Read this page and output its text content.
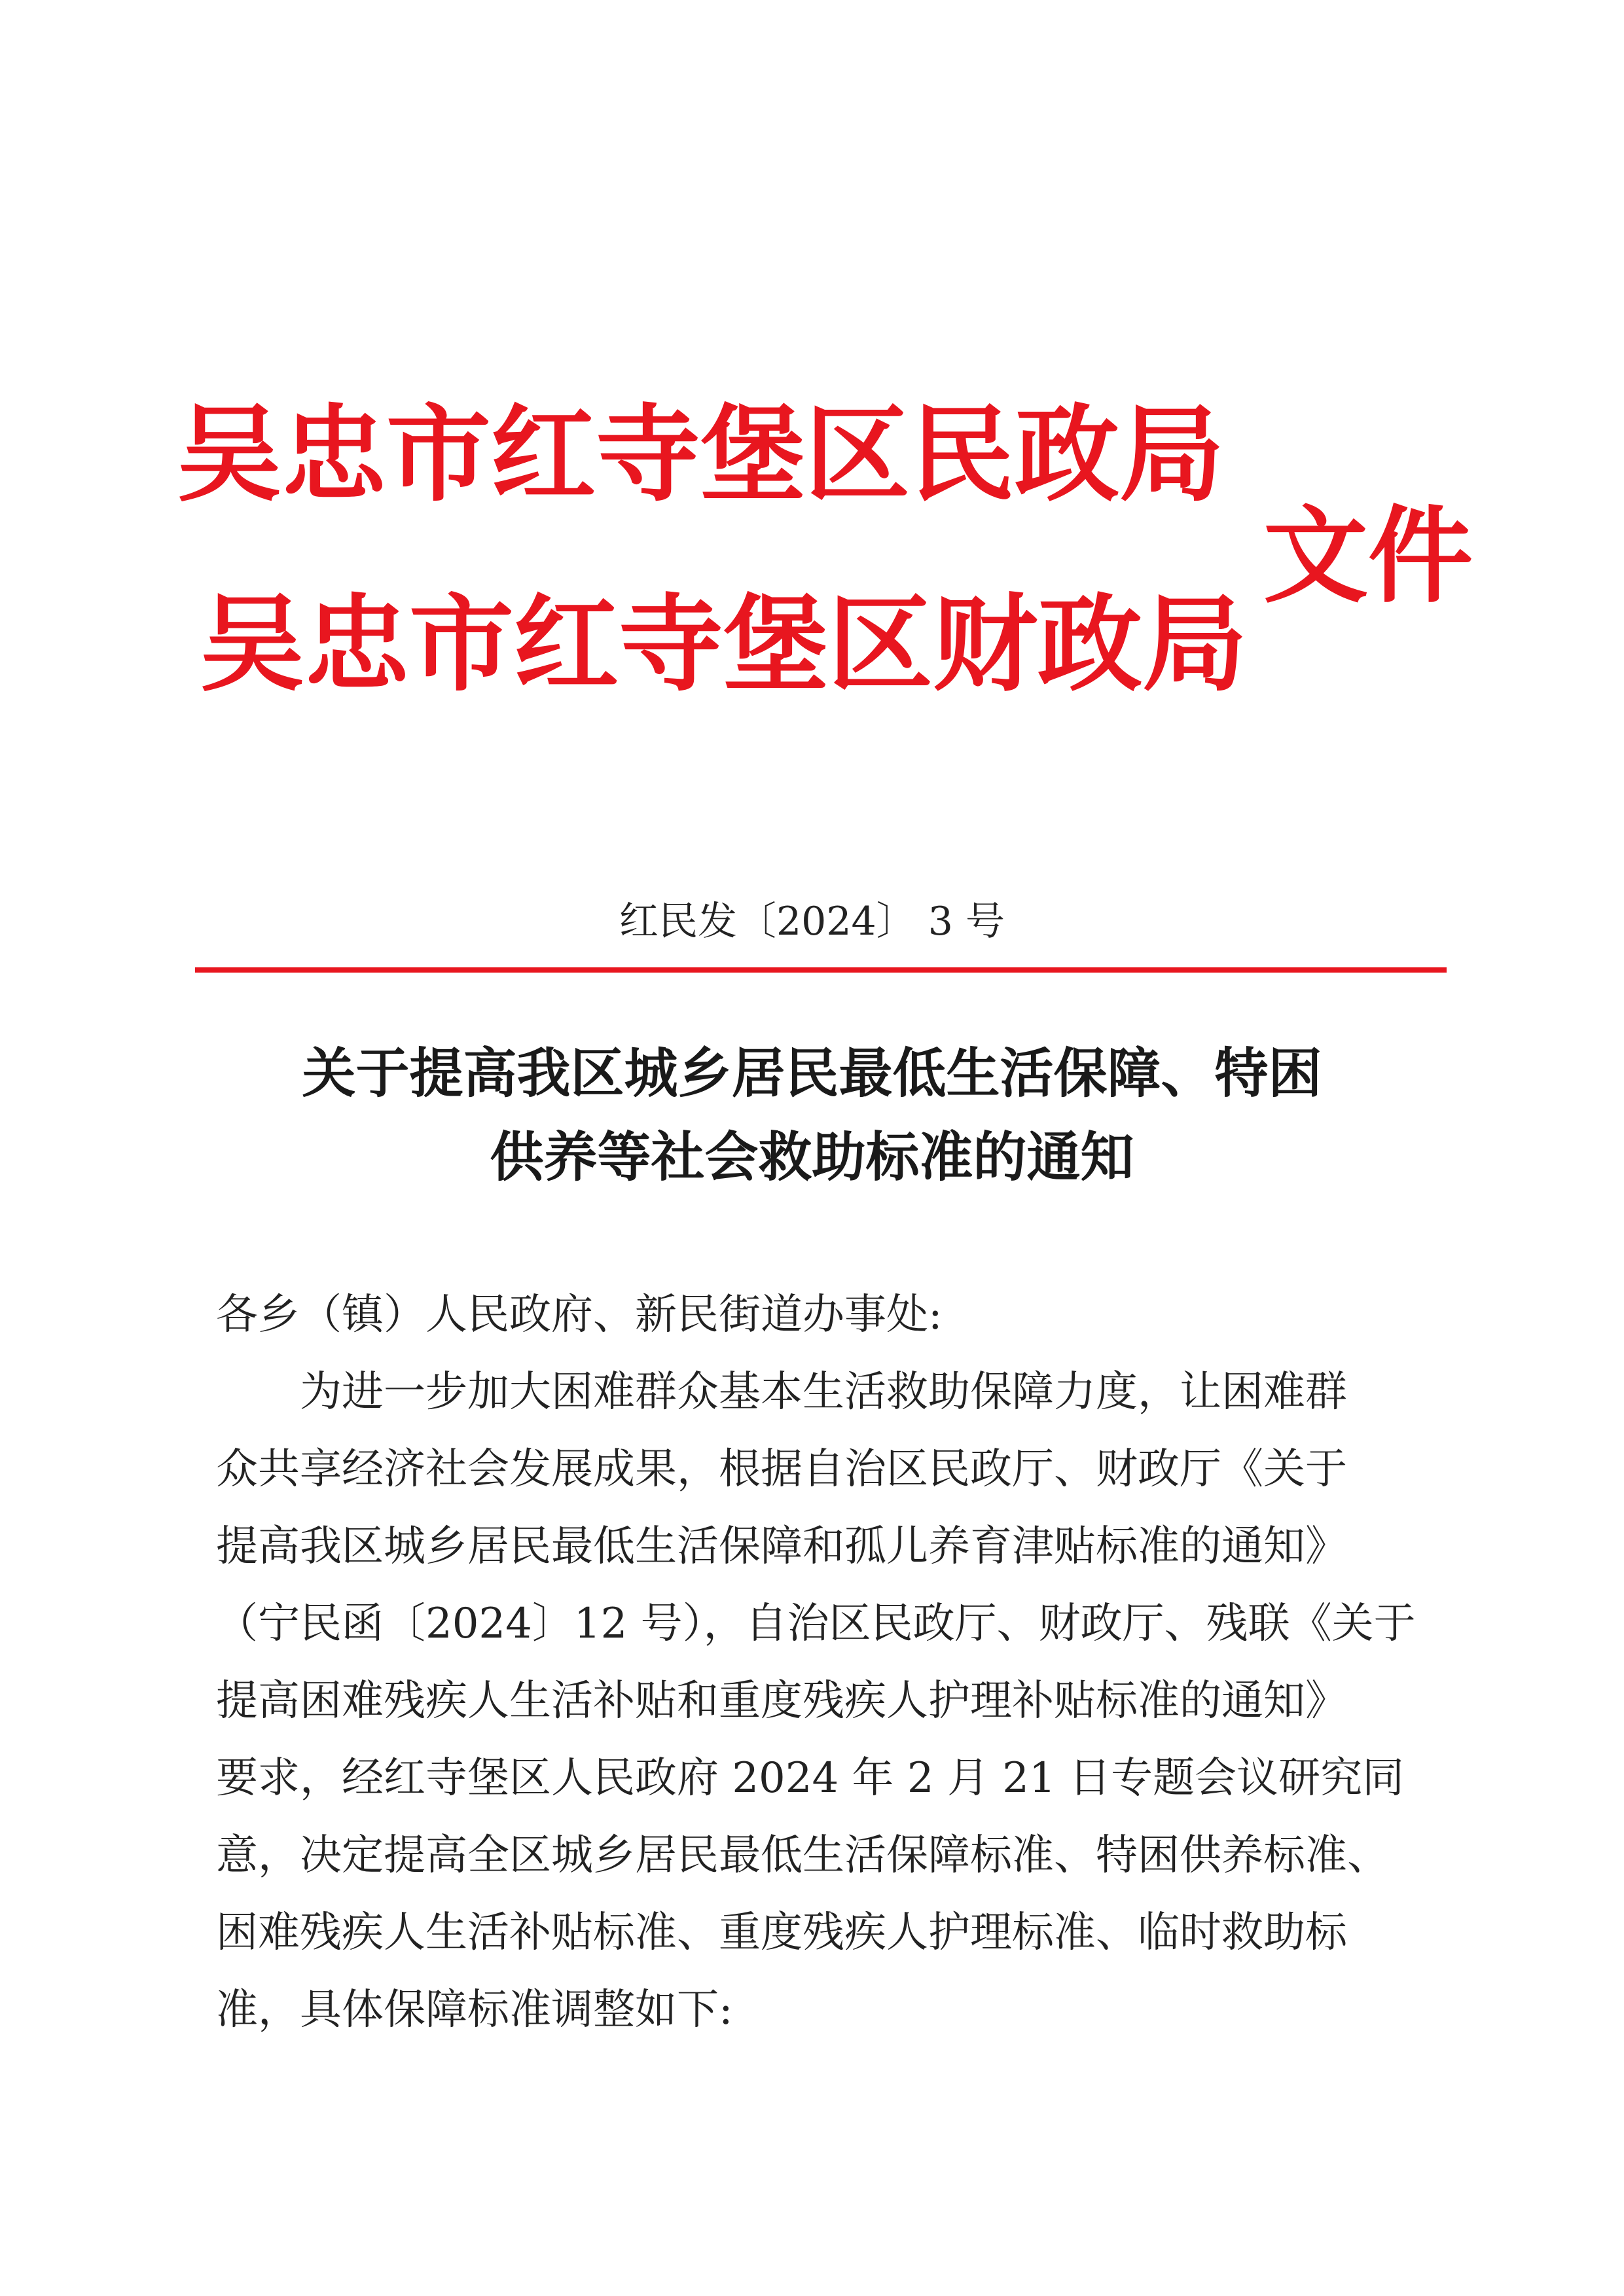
吴忠市红寺堡区民政局
吴忠市红寺堡区财政局
文件
红民发〔2024〕 3 号
关于提高我区城乡居民最低生活保障、特困
供养等社会救助标准的通知

各乡（镇）人民政府、新民街道办事处:

为进一步加大困难群众基本生活救助保障力度，让困难群

众共享经济社会发展成果，根据自治区民政厅、财政厅《关于

提高我区城乡居民最低生活保障和孤儿养育津贴标准的通知》

（宁民函〔2024〕12 号），自治区民政厅、财政厅、残联《关于

提高困难残疾人生活补贴和重度残疾人护理补贴标准的通知》

要求，经红寺堡区人民政府 2024 年 2 月 21 日专题会议研究同

意，决定提高全区城乡居民最低生活保障标准、特困供养标准、

困难残疾人生活补贴标准、重度残疾人护理标准、临时救助标

准，具体保障标准调整如下:
